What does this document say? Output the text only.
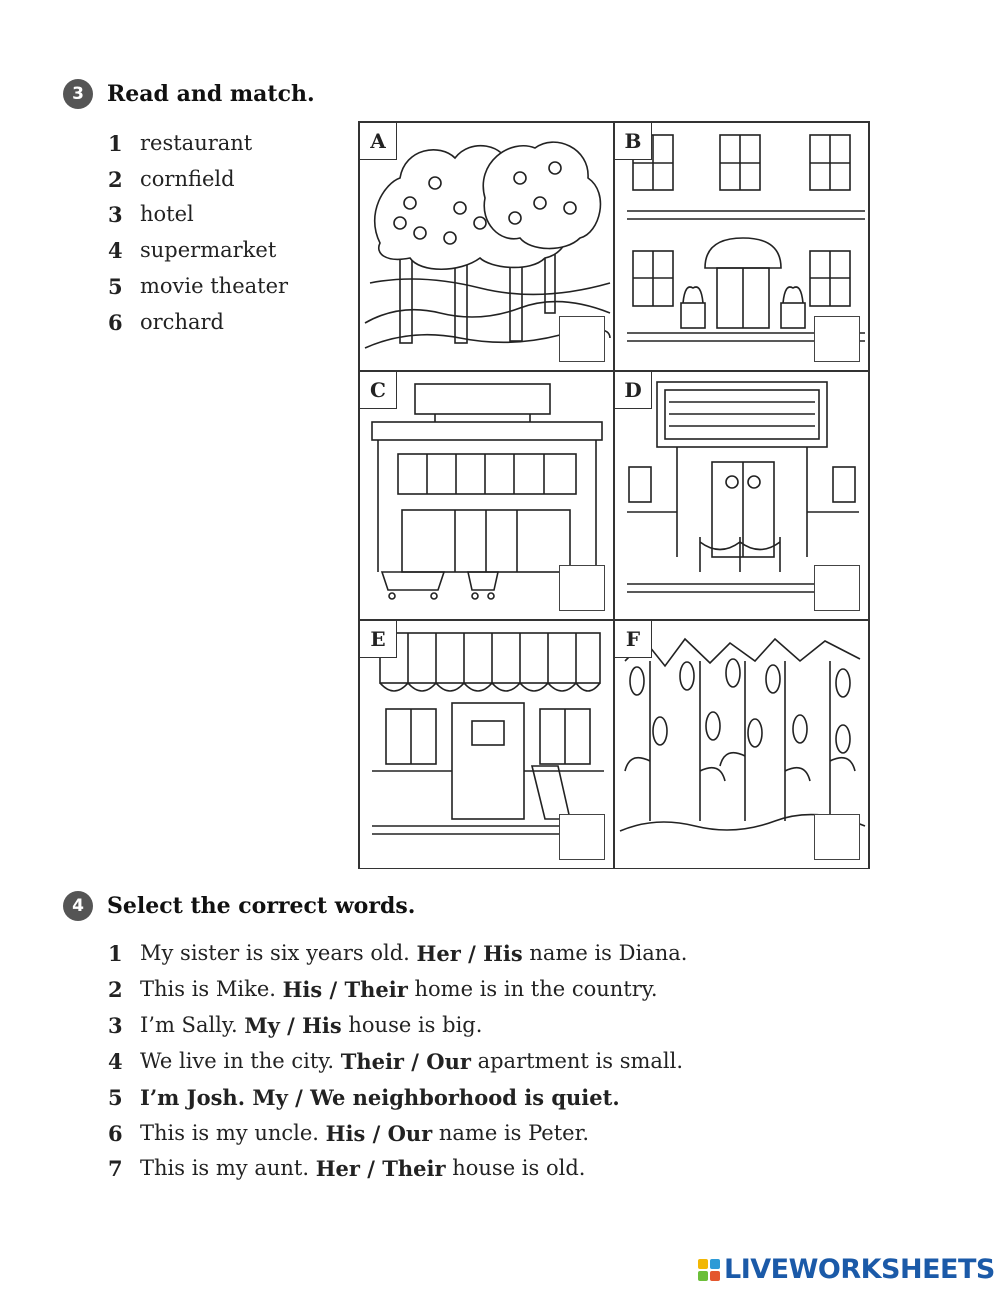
3	Read and match.
1 restaurant
2 cornfield
3 hotel
4 supermarket
5 movie theater
6 orchard
A	B
C	D
E	F
4	Select the correct words.
1 My sister is six years old. Her / His name is Diana.
2 This is Mike. His / Their home is in the country.
3 I’m Sally. My / His house is big.
4 We live in the city. Their / Our apartment is small.
5 I’m Josh. My / We neighborhood is quiet.
6 This is my uncle. His / Our name is Peter.
7 This is my aunt. Her / Their house is old.
LIVEWORKSHEETS
